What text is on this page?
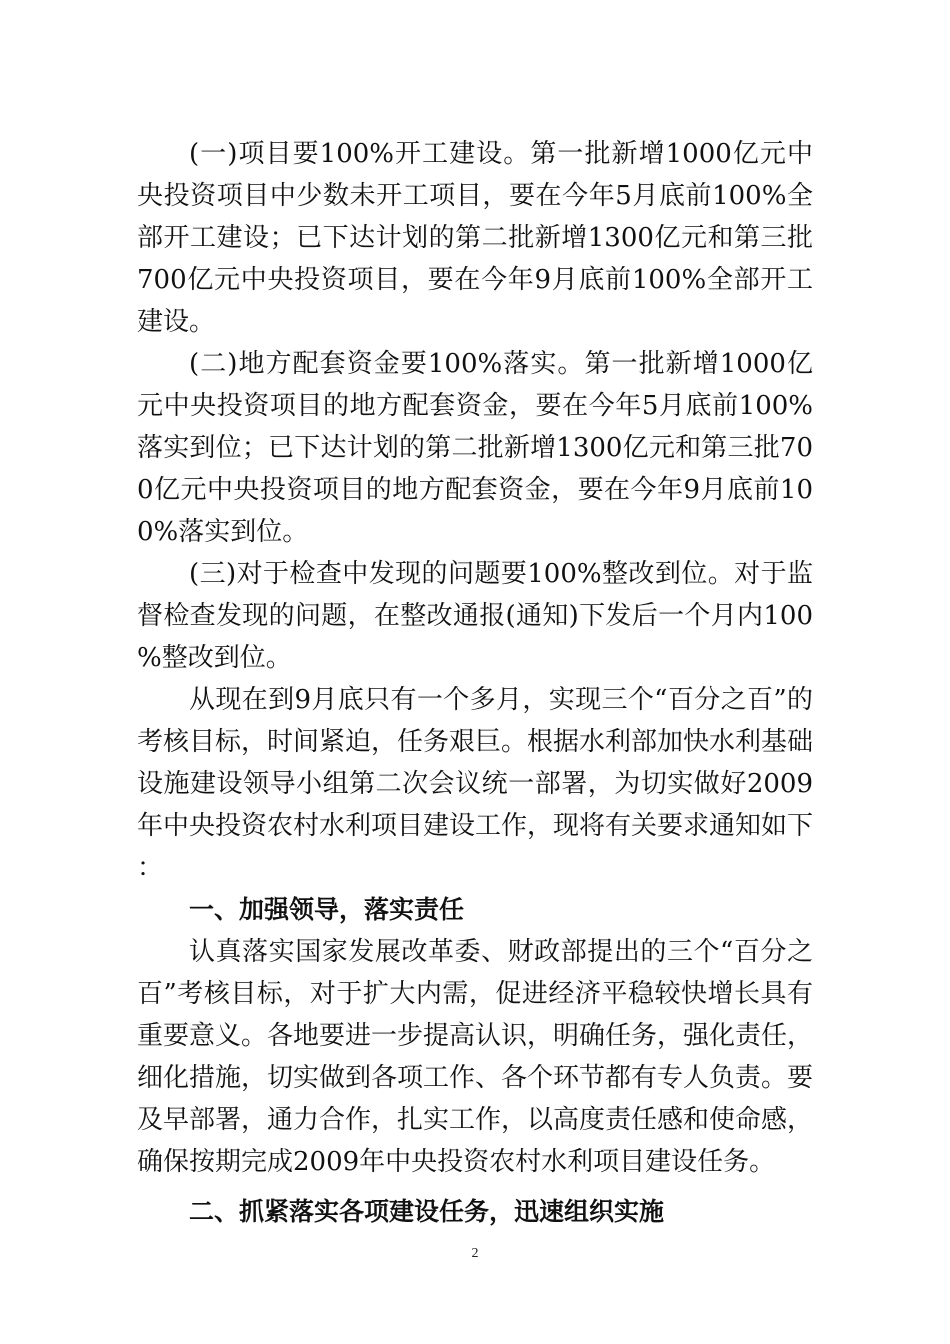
(一)项目要100%开工建设。第一批新增1000亿元中央投资项目中少数未开工项目，要在今年5月底前100%全部开工建设；已下达计划的第二批新增1300亿元和第三批700亿元中央投资项目，要在今年9月底前100%全部开工建设。

(二)地方配套资金要100%落实。第一批新增1000亿元中央投资项目的地方配套资金，要在今年5月底前100%落实到位；已下达计划的第二批新增1300亿元和第三批700亿元中央投资项目的地方配套资金，要在今年9月底前100%落实到位。

(三)对于检查中发现的问题要100%整改到位。对于监督检查发现的问题，在整改通报(通知)下发后一个月内100%整改到位。

从现在到9月底只有一个多月，实现三个“百分之百”的考核目标，时间紧迫，任务艰巨。根据水利部加快水利基础设施建设领导小组第二次会议统一部署，为切实做好2009年中央投资农村水利项目建设工作，现将有关要求通知如下：

一、加强领导，落实责任

认真落实国家发展改革委、财政部提出的三个“百分之百”考核目标，对于扩大内需，促进经济平稳较快增长具有重要意义。各地要进一步提高认识，明确任务，强化责任，细化措施，切实做到各项工作、各个环节都有专人负责。要及早部署，通力合作，扎实工作，以高度责任感和使命感，确保按期完成2009年中央投资农村水利项目建设任务。

二、抓紧落实各项建设任务，迅速组织实施

2
